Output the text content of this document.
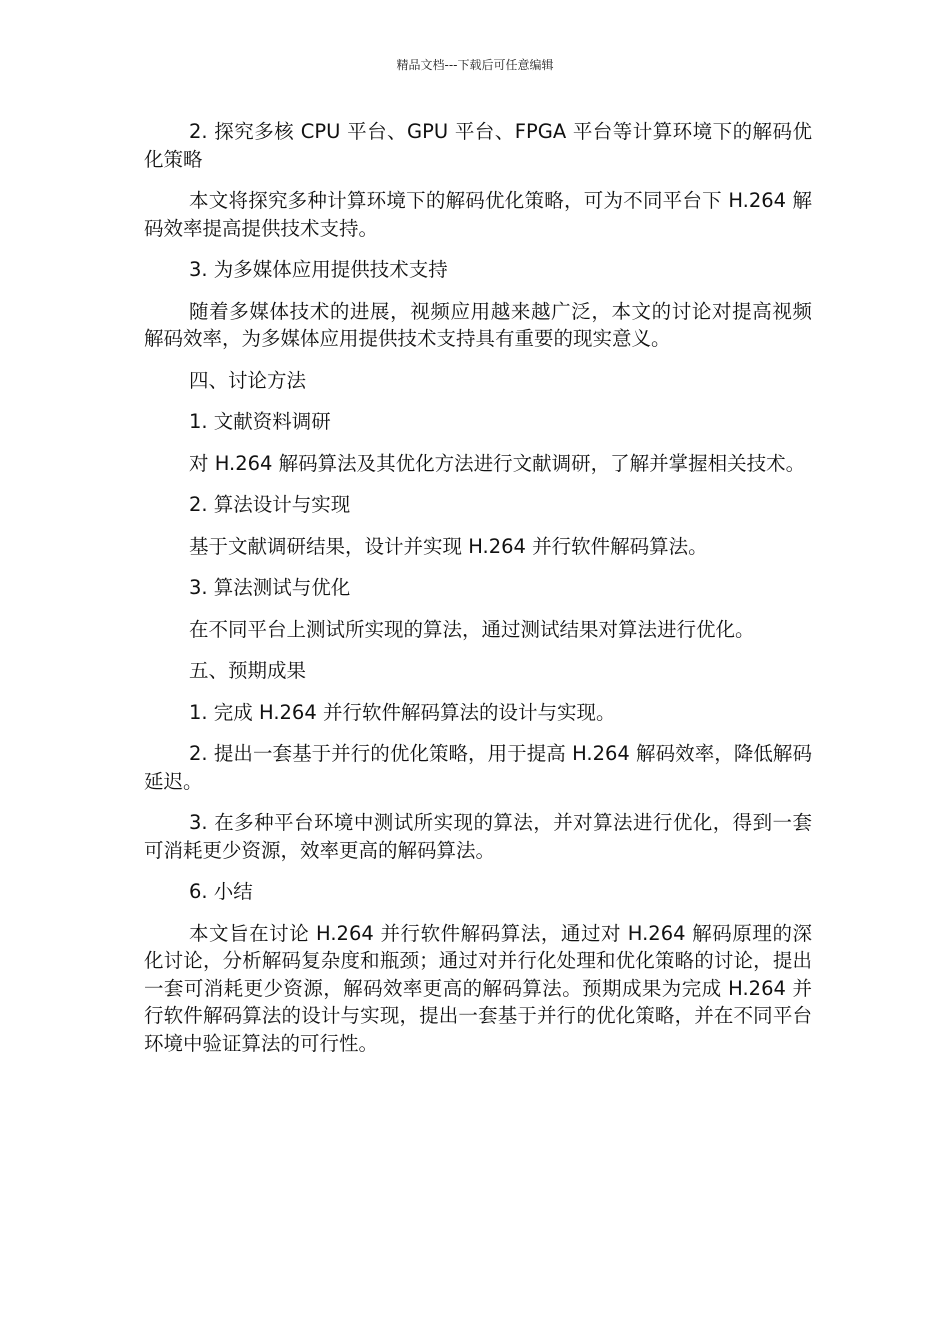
精品文档---下载后可任意编辑

2. 探究多核 CPU 平台、GPU 平台、FPGA 平台等计算环境下的解码优化策略

本文将探究多种计算环境下的解码优化策略，可为不同平台下 H.264 解码效率提高提供技术支持。

3. 为多媒体应用提供技术支持

随着多媒体技术的进展，视频应用越来越广泛，本文的讨论对提高视频解码效率，为多媒体应用提供技术支持具有重要的现实意义。

四、讨论方法

1. 文献资料调研

对 H.264 解码算法及其优化方法进行文献调研，了解并掌握相关技术。

2. 算法设计与实现

基于文献调研结果，设计并实现 H.264 并行软件解码算法。

3. 算法测试与优化

在不同平台上测试所实现的算法，通过测试结果对算法进行优化。

五、预期成果

1. 完成 H.264 并行软件解码算法的设计与实现。

2. 提出一套基于并行的优化策略，用于提高 H.264 解码效率，降低解码延迟。

3. 在多种平台环境中测试所实现的算法，并对算法进行优化，得到一套可消耗更少资源，效率更高的解码算法。

6. 小结

本文旨在讨论 H.264 并行软件解码算法，通过对 H.264 解码原理的深化讨论，分析解码复杂度和瓶颈；通过对并行化处理和优化策略的讨论，提出一套可消耗更少资源，解码效率更高的解码算法。预期成果为完成 H.264 并行软件解码算法的设计与实现，提出一套基于并行的优化策略，并在不同平台环境中验证算法的可行性。
